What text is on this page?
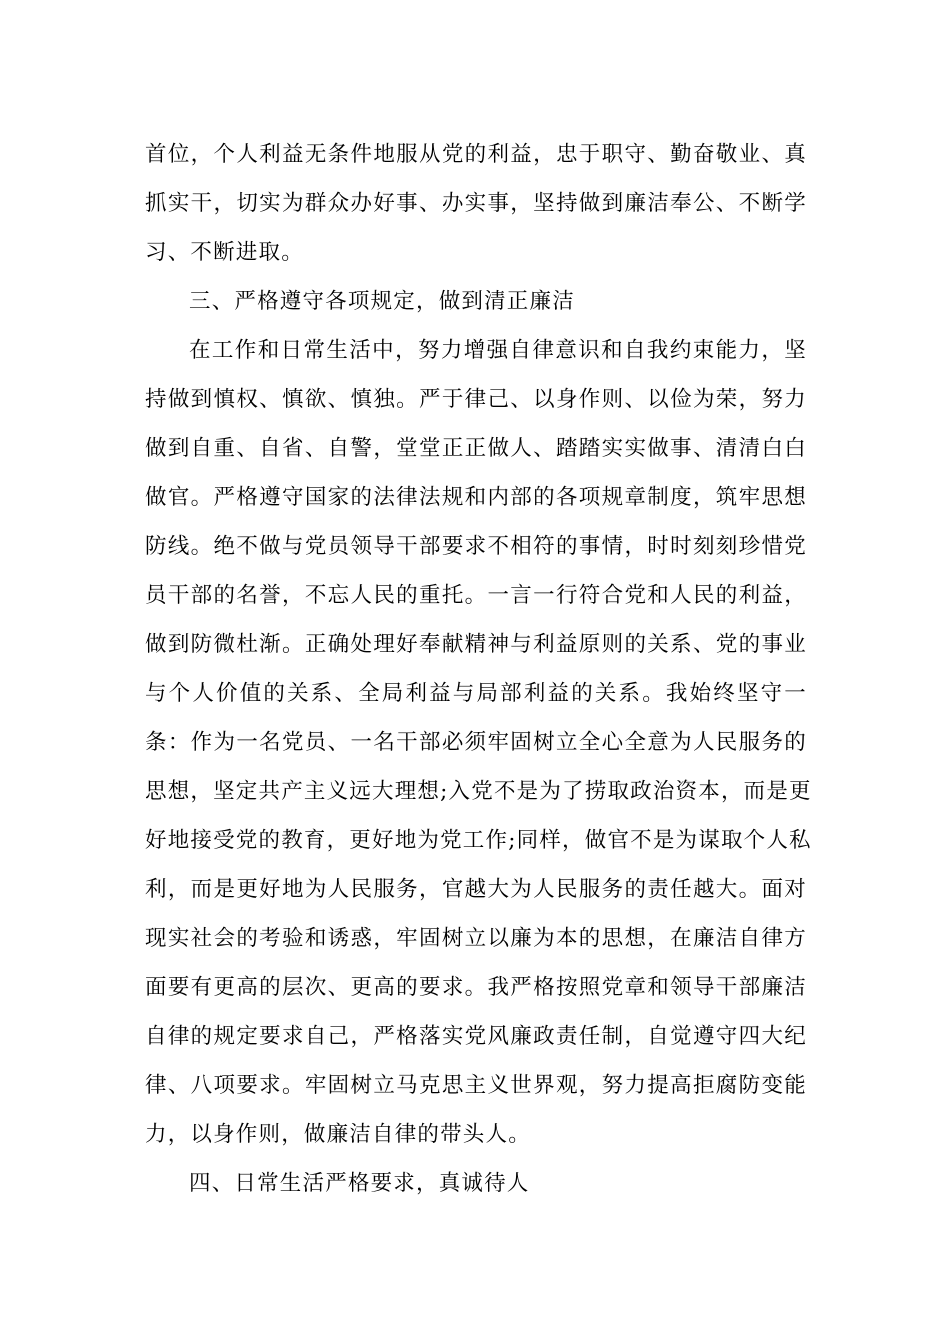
首位，个人利益无条件地服从党的利益，忠于职守、勤奋敬业、真
抓实干，切实为群众办好事、办实事，坚持做到廉洁奉公、不断学
习、不断进取。
三、严格遵守各项规定，做到清正廉洁
在工作和日常生活中，努力增强自律意识和自我约束能力，坚
持做到慎权、慎欲、慎独。严于律己、以身作则、以俭为荣，努力
做到自重、自省、自警，堂堂正正做人、踏踏实实做事、清清白白
做官。严格遵守国家的法律法规和内部的各项规章制度，筑牢思想
防线。绝不做与党员领导干部要求不相符的事情，时时刻刻珍惜党
员干部的名誉，不忘人民的重托。一言一行符合党和人民的利益，
做到防微杜渐。正确处理好奉献精神与利益原则的关系、党的事业
与个人价值的关系、全局利益与局部利益的关系。我始终坚守一
条：作为一名党员、一名干部必须牢固树立全心全意为人民服务的
思想，坚定共产主义远大理想;入党不是为了捞取政治资本，而是更
好地接受党的教育，更好地为党工作;同样，做官不是为谋取个人私
利，而是更好地为人民服务，官越大为人民服务的责任越大。面对
现实社会的考验和诱惑，牢固树立以廉为本的思想，在廉洁自律方
面要有更高的层次、更高的要求。我严格按照党章和领导干部廉洁
自律的规定要求自己，严格落实党风廉政责任制，自觉遵守四大纪
律、八项要求。牢固树立马克思主义世界观，努力提高拒腐防变能
力，以身作则，做廉洁自律的带头人。
四、日常生活严格要求，真诚待人
